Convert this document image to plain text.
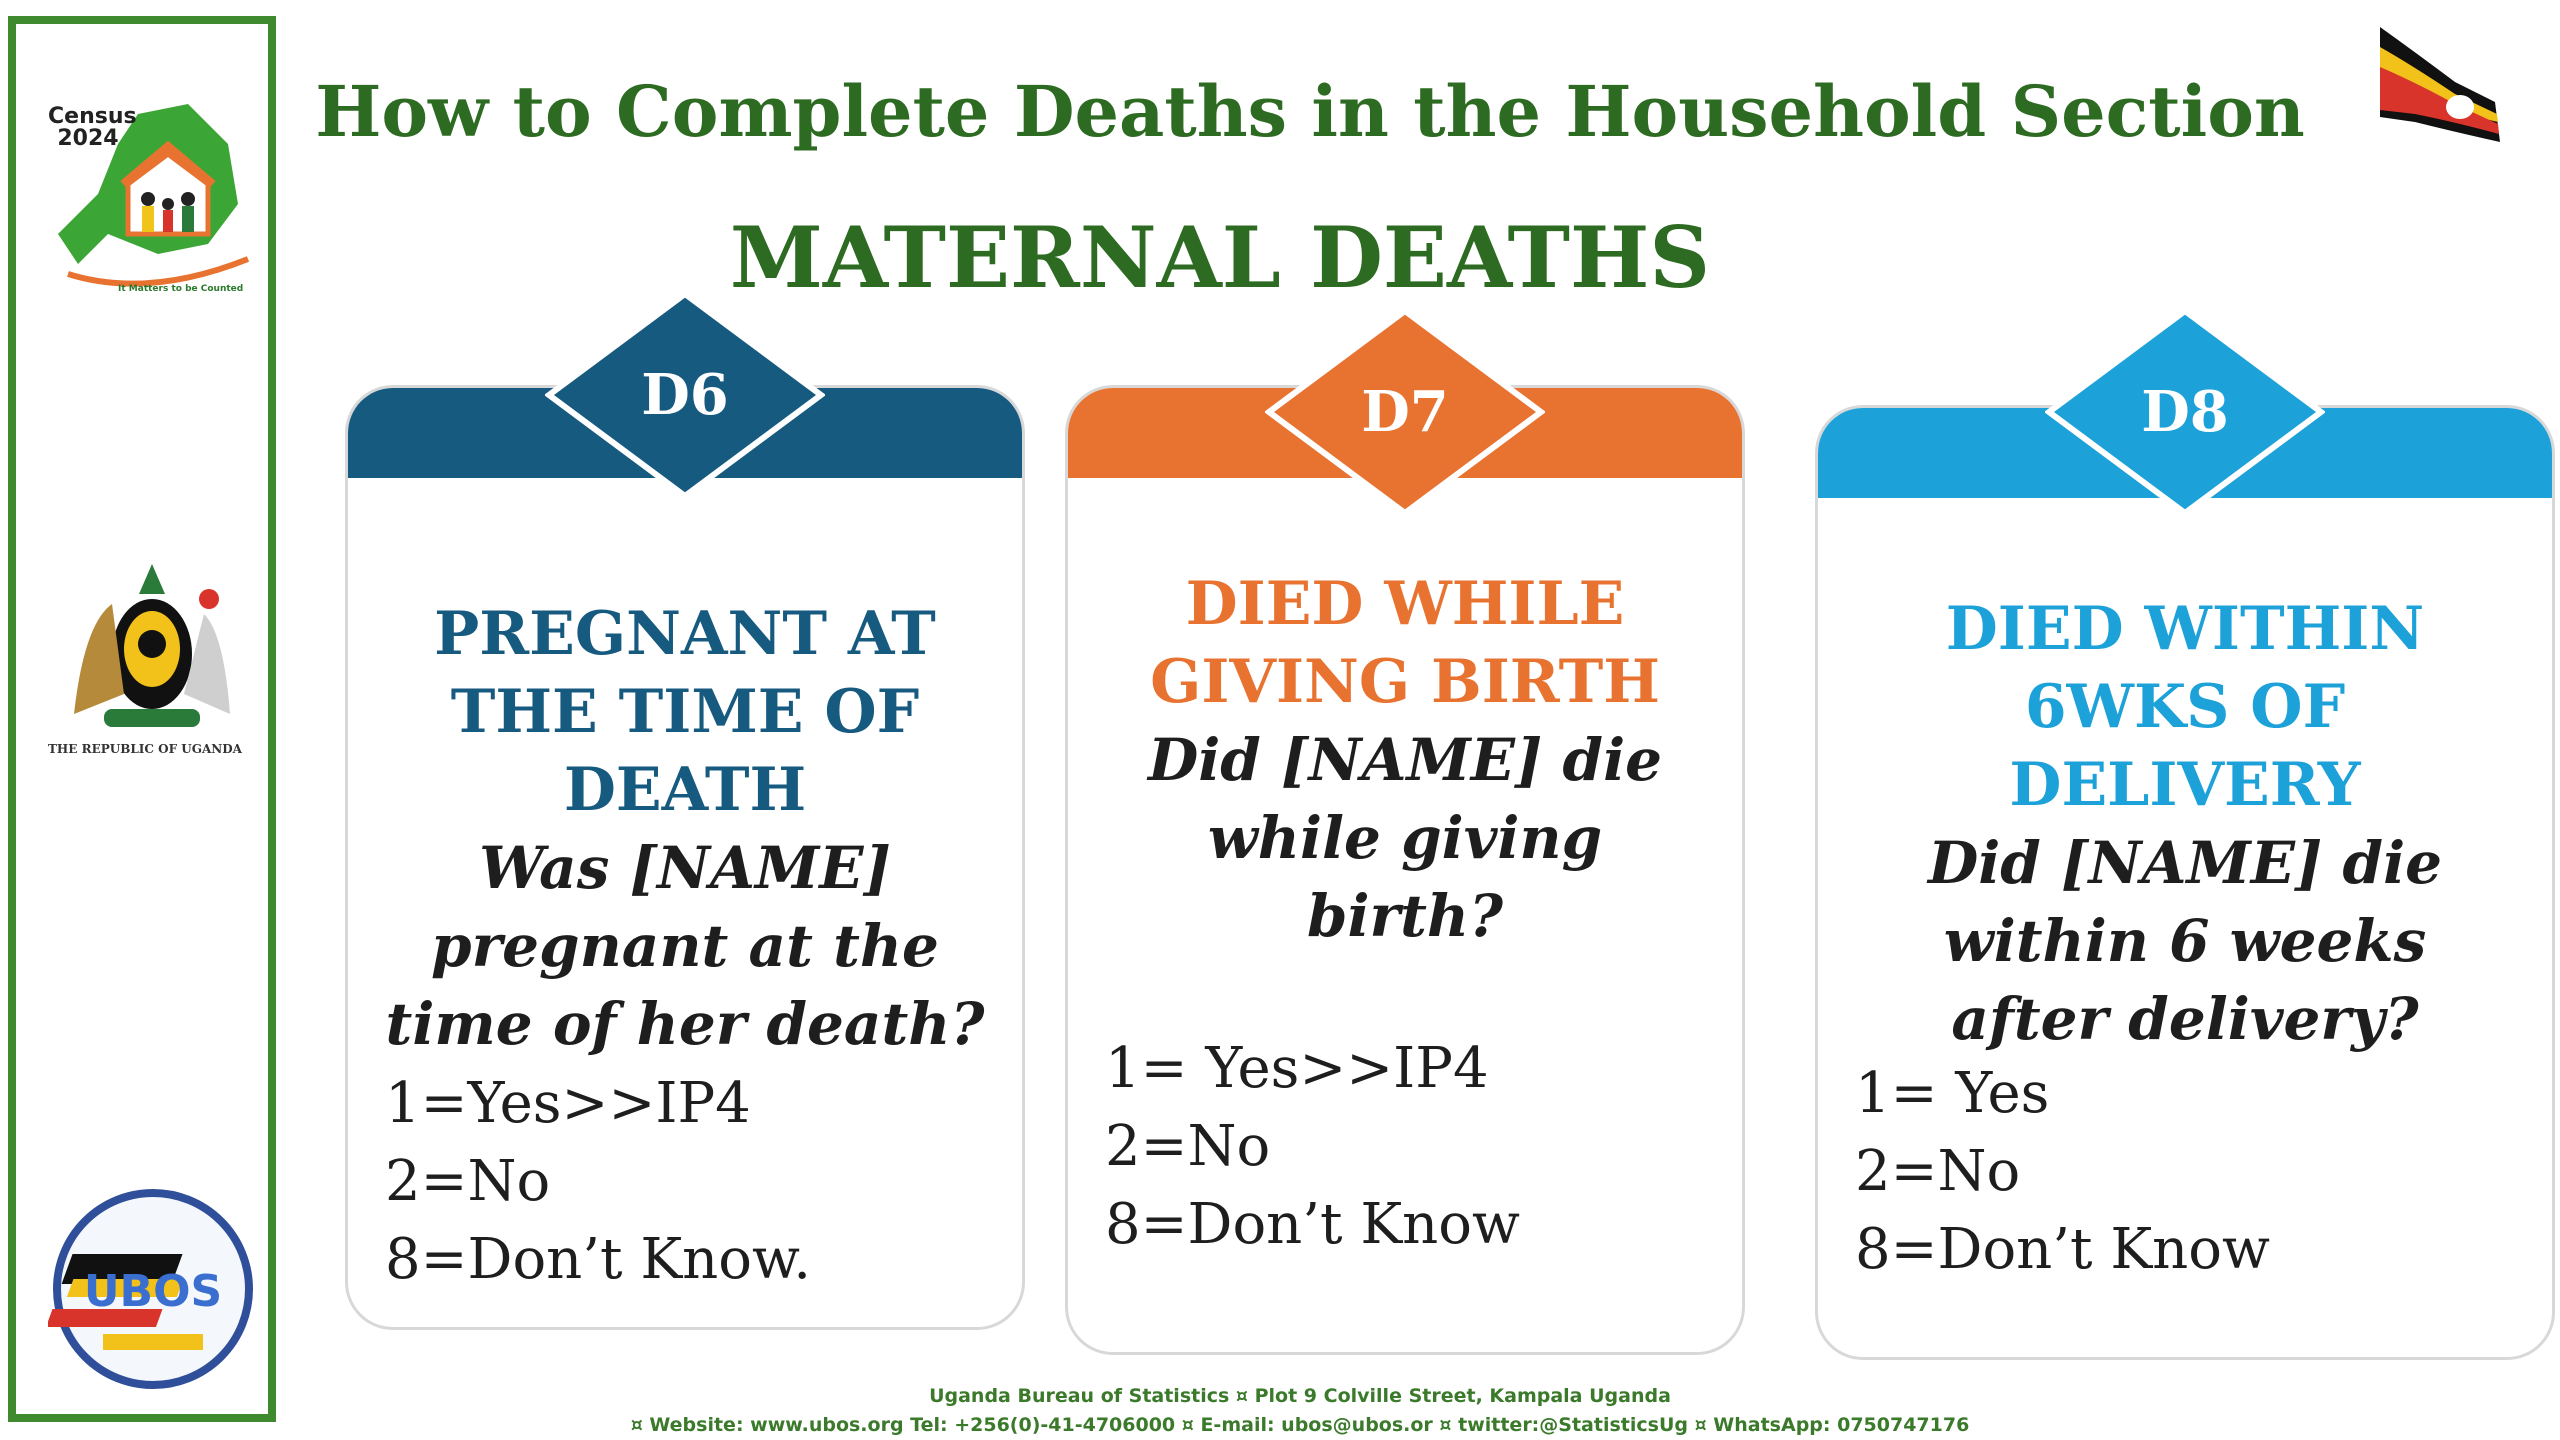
Census 2024
It Matters to be Counted
THE REPUBLIC OF UGANDA
UBOS
How to Complete Deaths in the Household Section
MATERNAL DEATHS
D6
PREGNANT AT THE TIME OF DEATH
Was [NAME] pregnant at the time of her death?
1=Yes>>IP4
2=No
8=Don’t Know.
D7
DIED WHILE GIVING BIRTH
Did [NAME] die while giving birth?
1= Yes>>IP4
2=No
8=Don’t Know
D8
DIED WITHIN 6WKS OF DELIVERY
Did [NAME] die within 6 weeks after delivery?
1= Yes
2=No
8=Don’t Know
Uganda Bureau of Statistics ¤ Plot 9 Colville Street, Kampala Uganda
¤ Website: www.ubos.org Tel: +256(0)-41-4706000 ¤ E-mail: ubos@ubos.or ¤ twitter:@StatisticsUg ¤ WhatsApp: 0750747176
